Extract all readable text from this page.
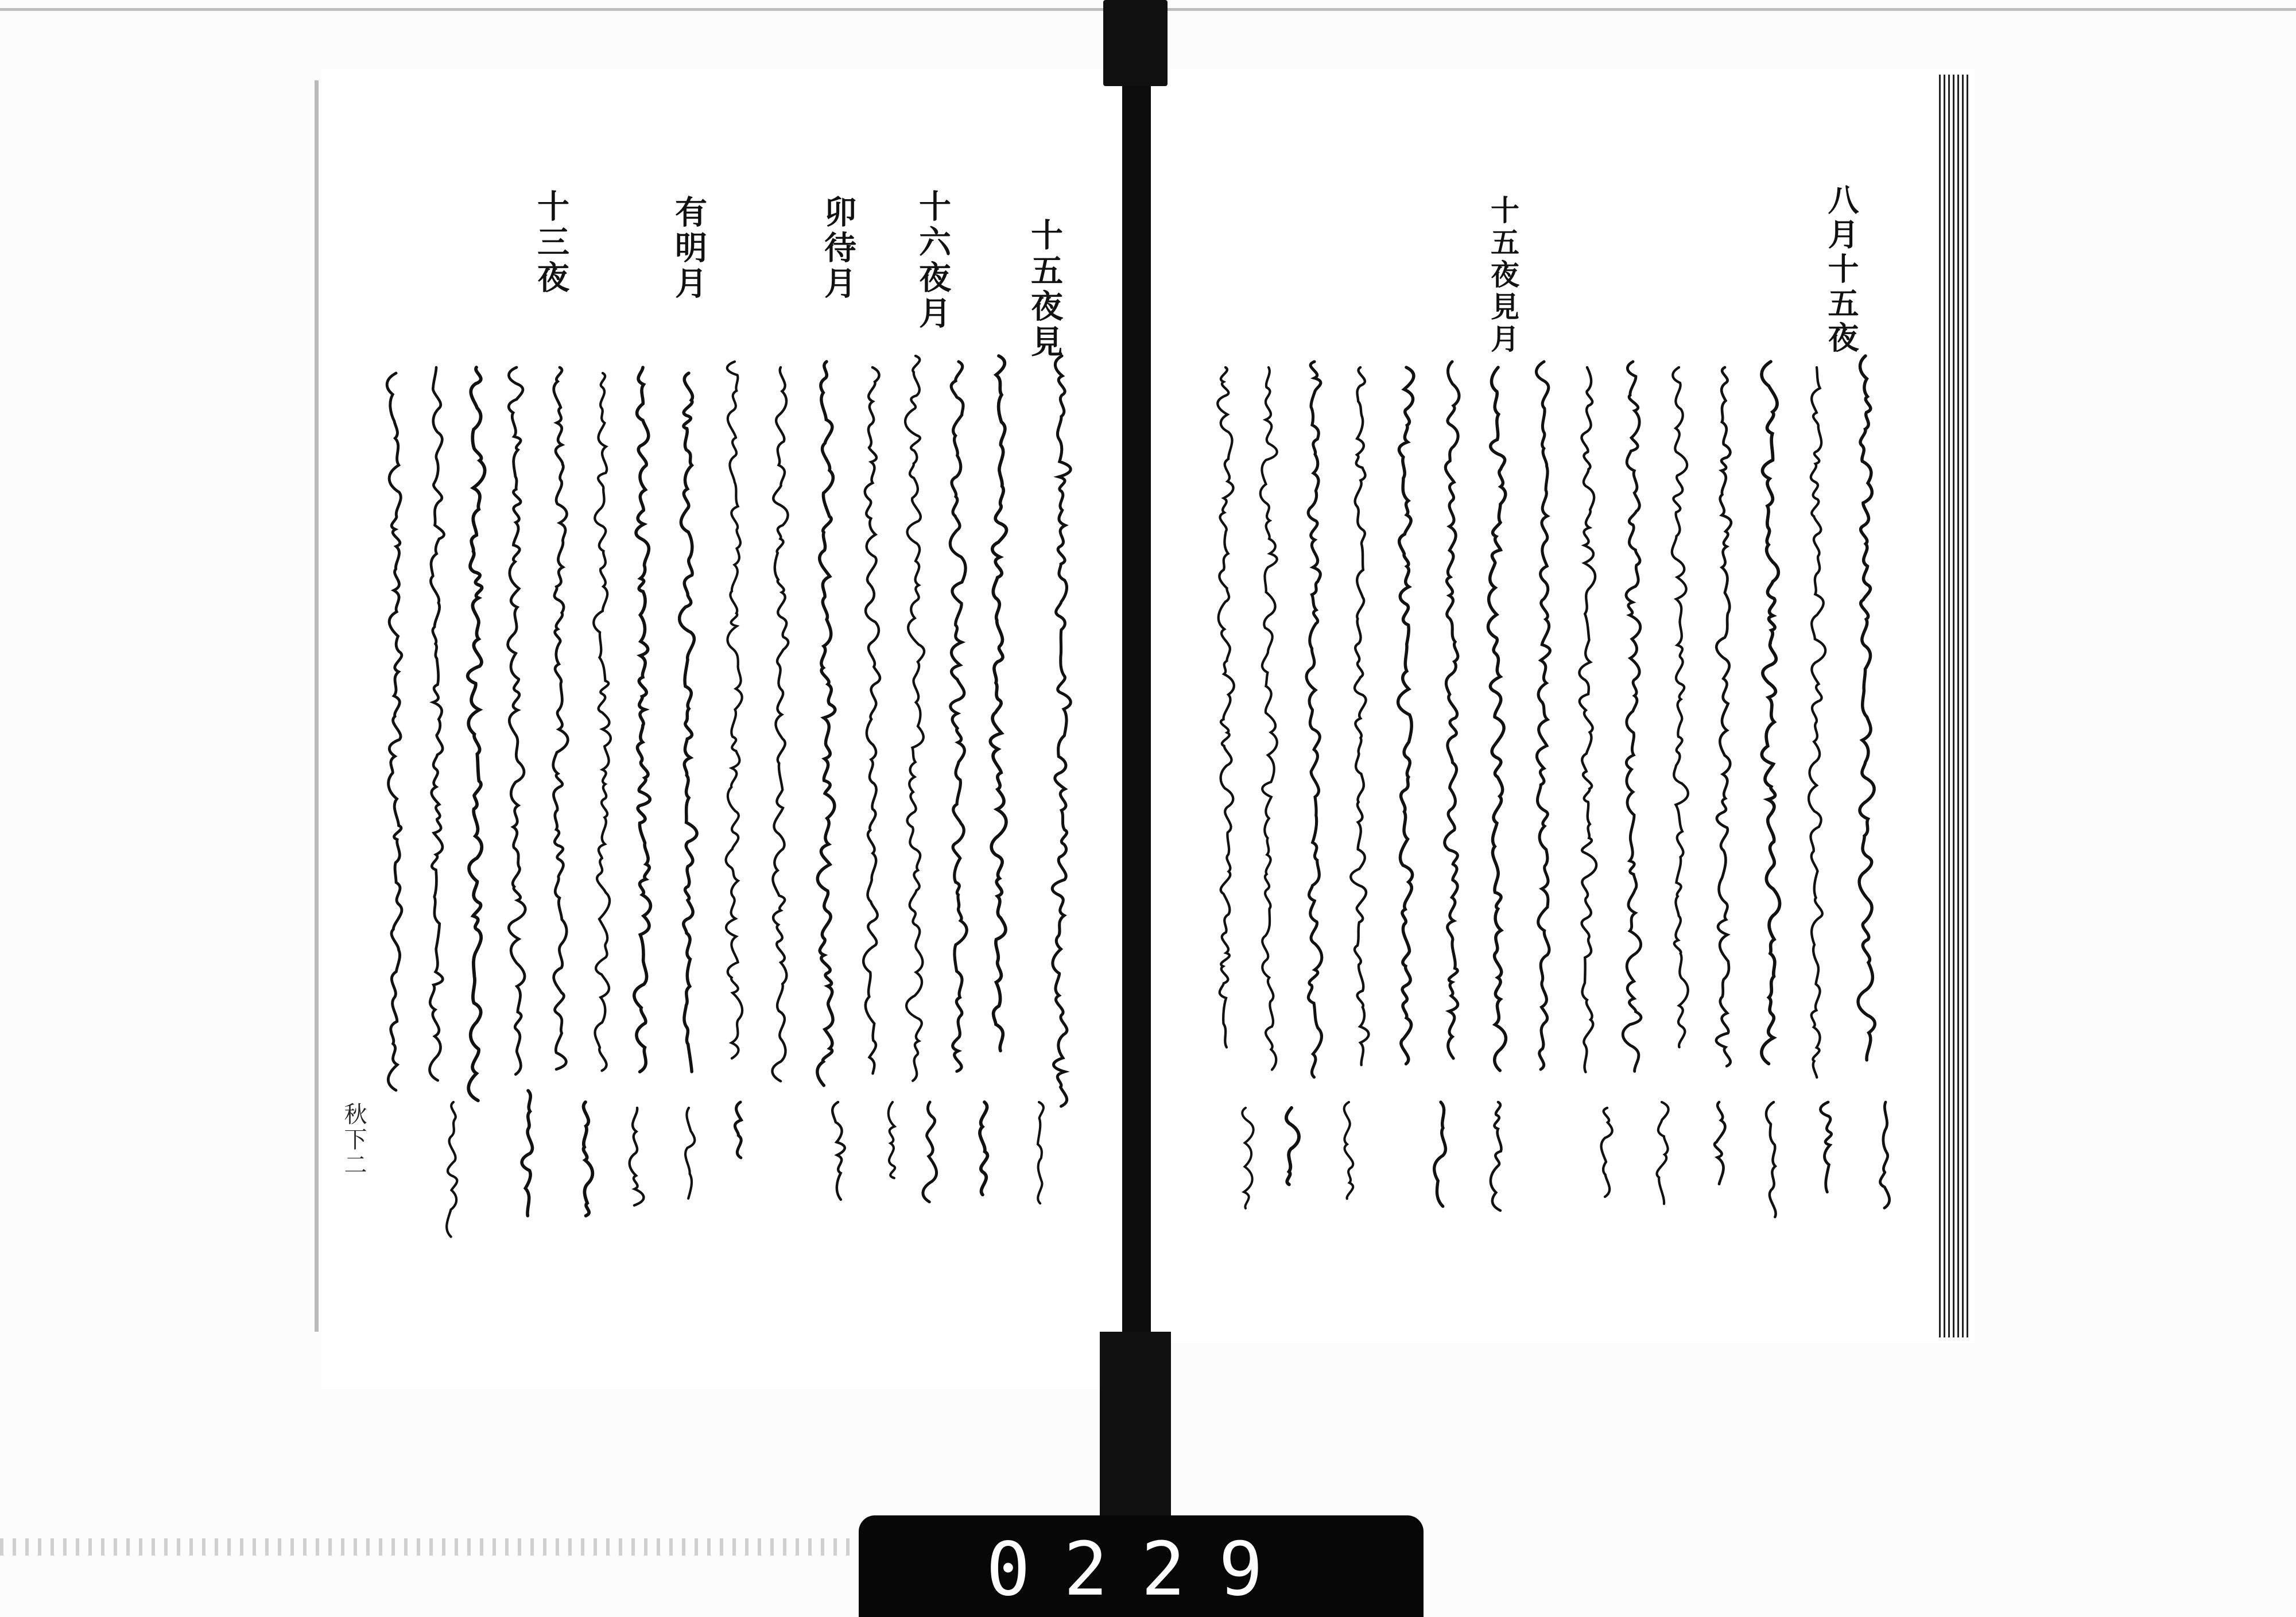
十五夜見
十六夜月
卯待月
有明月
十三夜	八月十五夜
十五夜見月
秋下二
0229
